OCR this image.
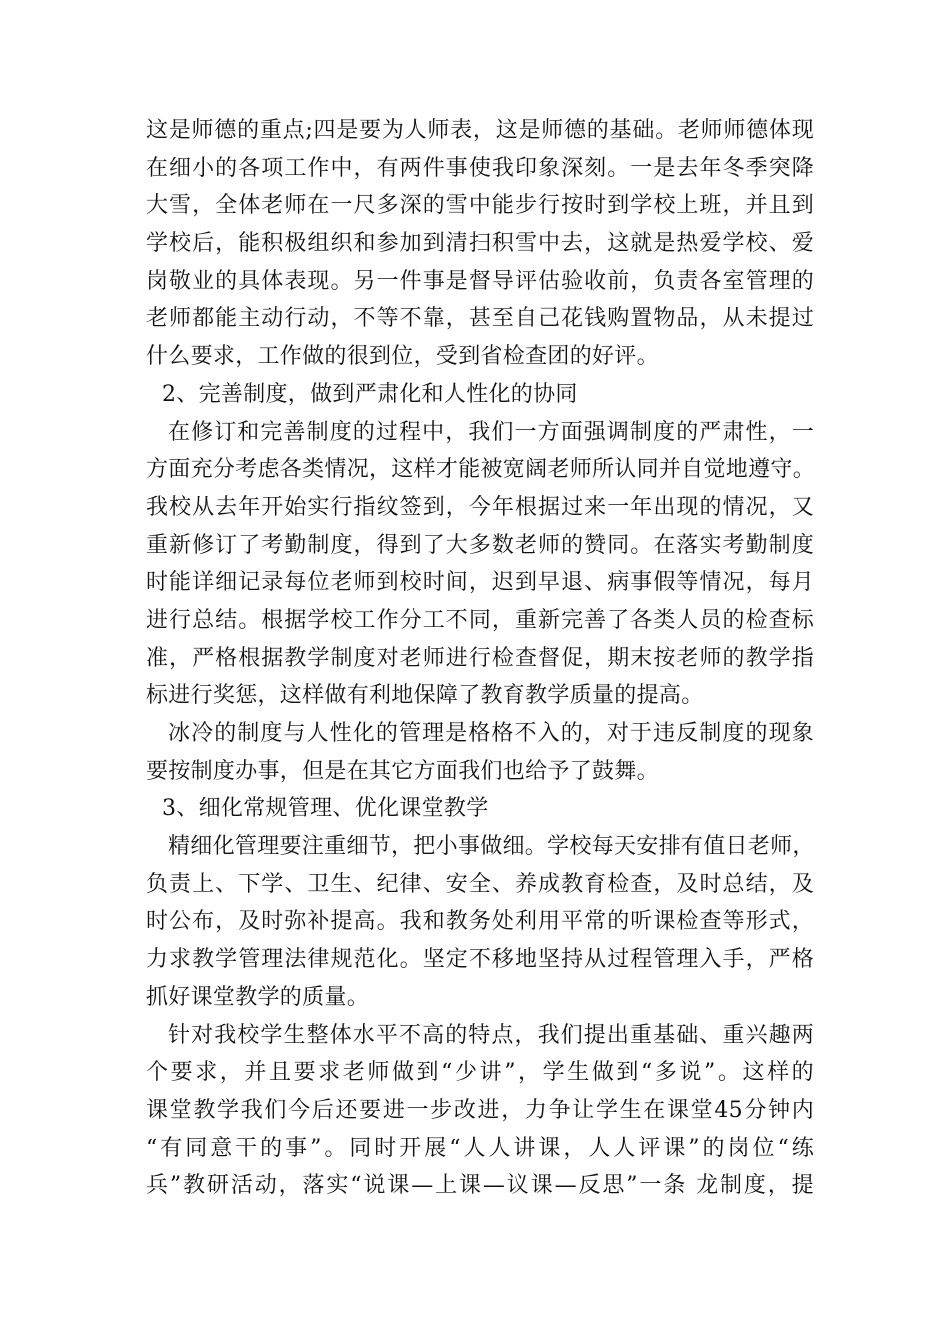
这是师德的重点;四是要为人师表，这是师德的基础。老师师德体现
在细小的各项工作中，有两件事使我印象深刻。一是去年冬季突降
大雪，全体老师在一尺多深的雪中能步行按时到学校上班，并且到
学校后，能积极组织和参加到清扫积雪中去，这就是热爱学校、爱
岗敬业的具体表现。另一件事是督导评估验收前，负责各室管理的
老师都能主动行动，不等不靠，甚至自己花钱购置物品，从未提过
什么要求，工作做的很到位，受到省检查团的好评。
2、完善制度，做到严肃化和人性化的协同
在修订和完善制度的过程中，我们一方面强调制度的严肃性，一
方面充分考虑各类情况，这样才能被宽阔老师所认同并自觉地遵守。
我校从去年开始实行指纹签到，今年根据过来一年出现的情况，又
重新修订了考勤制度，得到了大多数老师的赞同。在落实考勤制度
时能详细记录每位老师到校时间，迟到早退、病事假等情况，每月
进行总结。根据学校工作分工不同，重新完善了各类人员的检查标
准，严格根据教学制度对老师进行检查督促，期末按老师的教学指
标进行奖惩，这样做有利地保障了教育教学质量的提高。
冰冷的制度与人性化的管理是格格不入的，对于违反制度的现象
要按制度办事，但是在其它方面我们也给予了鼓舞。
3、细化常规管理、优化课堂教学
精细化管理要注重细节，把小事做细。学校每天安排有值日老师，
负责上、下学、卫生、纪律、安全、养成教育检查，及时总结，及
时公布，及时弥补提高。我和教务处利用平常的听课检查等形式，
力求教学管理法律规范化。坚定不移地坚持从过程管理入手，严格
抓好课堂教学的质量。
针对我校学生整体水平不高的特点，我们提出重基础、重兴趣两
个要求，并且要求老师做到“少讲”，学生做到“多说”。这样的
课堂教学我们今后还要进一步改进，力争让学生在课堂45分钟内
“有同意干的事”。同时开展“人人讲课，人人评课”的岗位“练
兵”教研活动，落实“说课—上课—议课—反思”一条 龙制度，提
